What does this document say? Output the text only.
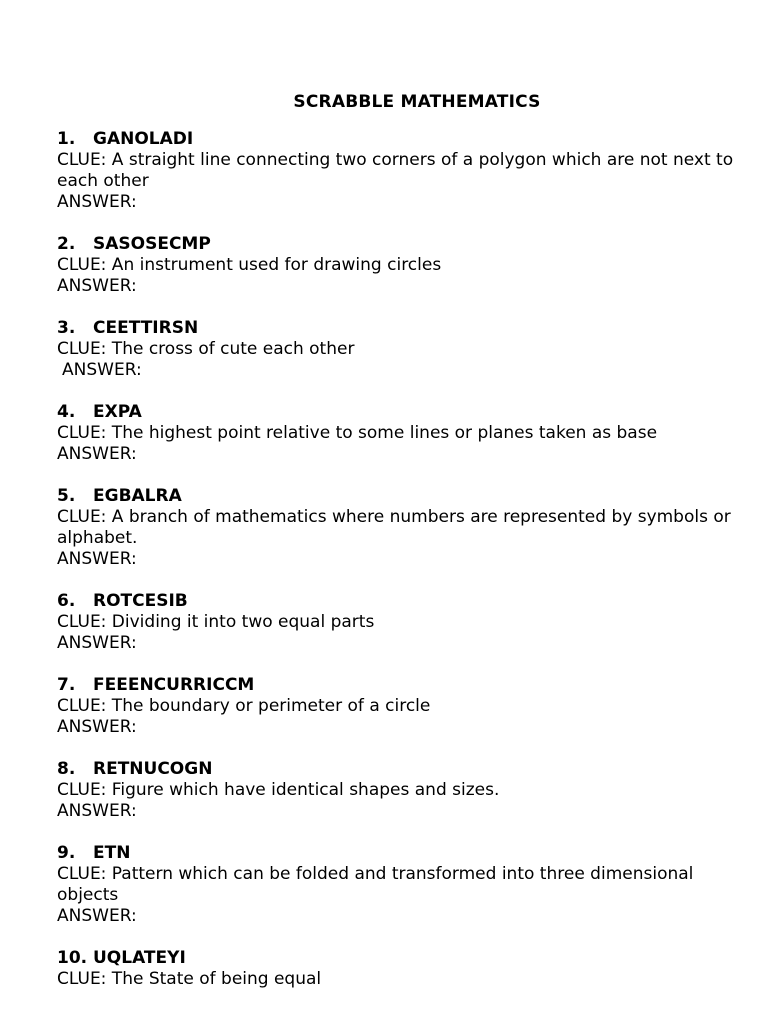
SCRABBLE MATHEMATICS
1. GANOLADI
CLUE: A straight line connecting two corners of a polygon which are not next to each other
ANSWER:
2. SASOSECMP
CLUE: An instrument used for drawing circles
ANSWER:
3. CEETTIRSN
CLUE: The cross of cute each other
ANSWER:
4. EXPA
CLUE: The highest point relative to some lines or planes taken as base
ANSWER:
5. EGBALRA
CLUE: A branch of mathematics where numbers are represented by symbols or alphabet.
ANSWER:
6. ROTCESIB
CLUE: Dividing it into two equal parts
ANSWER:
7. FEEENCURRICCM
CLUE: The boundary or perimeter of a circle
ANSWER:
8. RETNUCOGN
CLUE: Figure which have identical shapes and sizes.
ANSWER:
9. ETN
CLUE: Pattern which can be folded and transformed into three dimensional objects
ANSWER:
10. UQLATEYI
CLUE: The State of being equal
